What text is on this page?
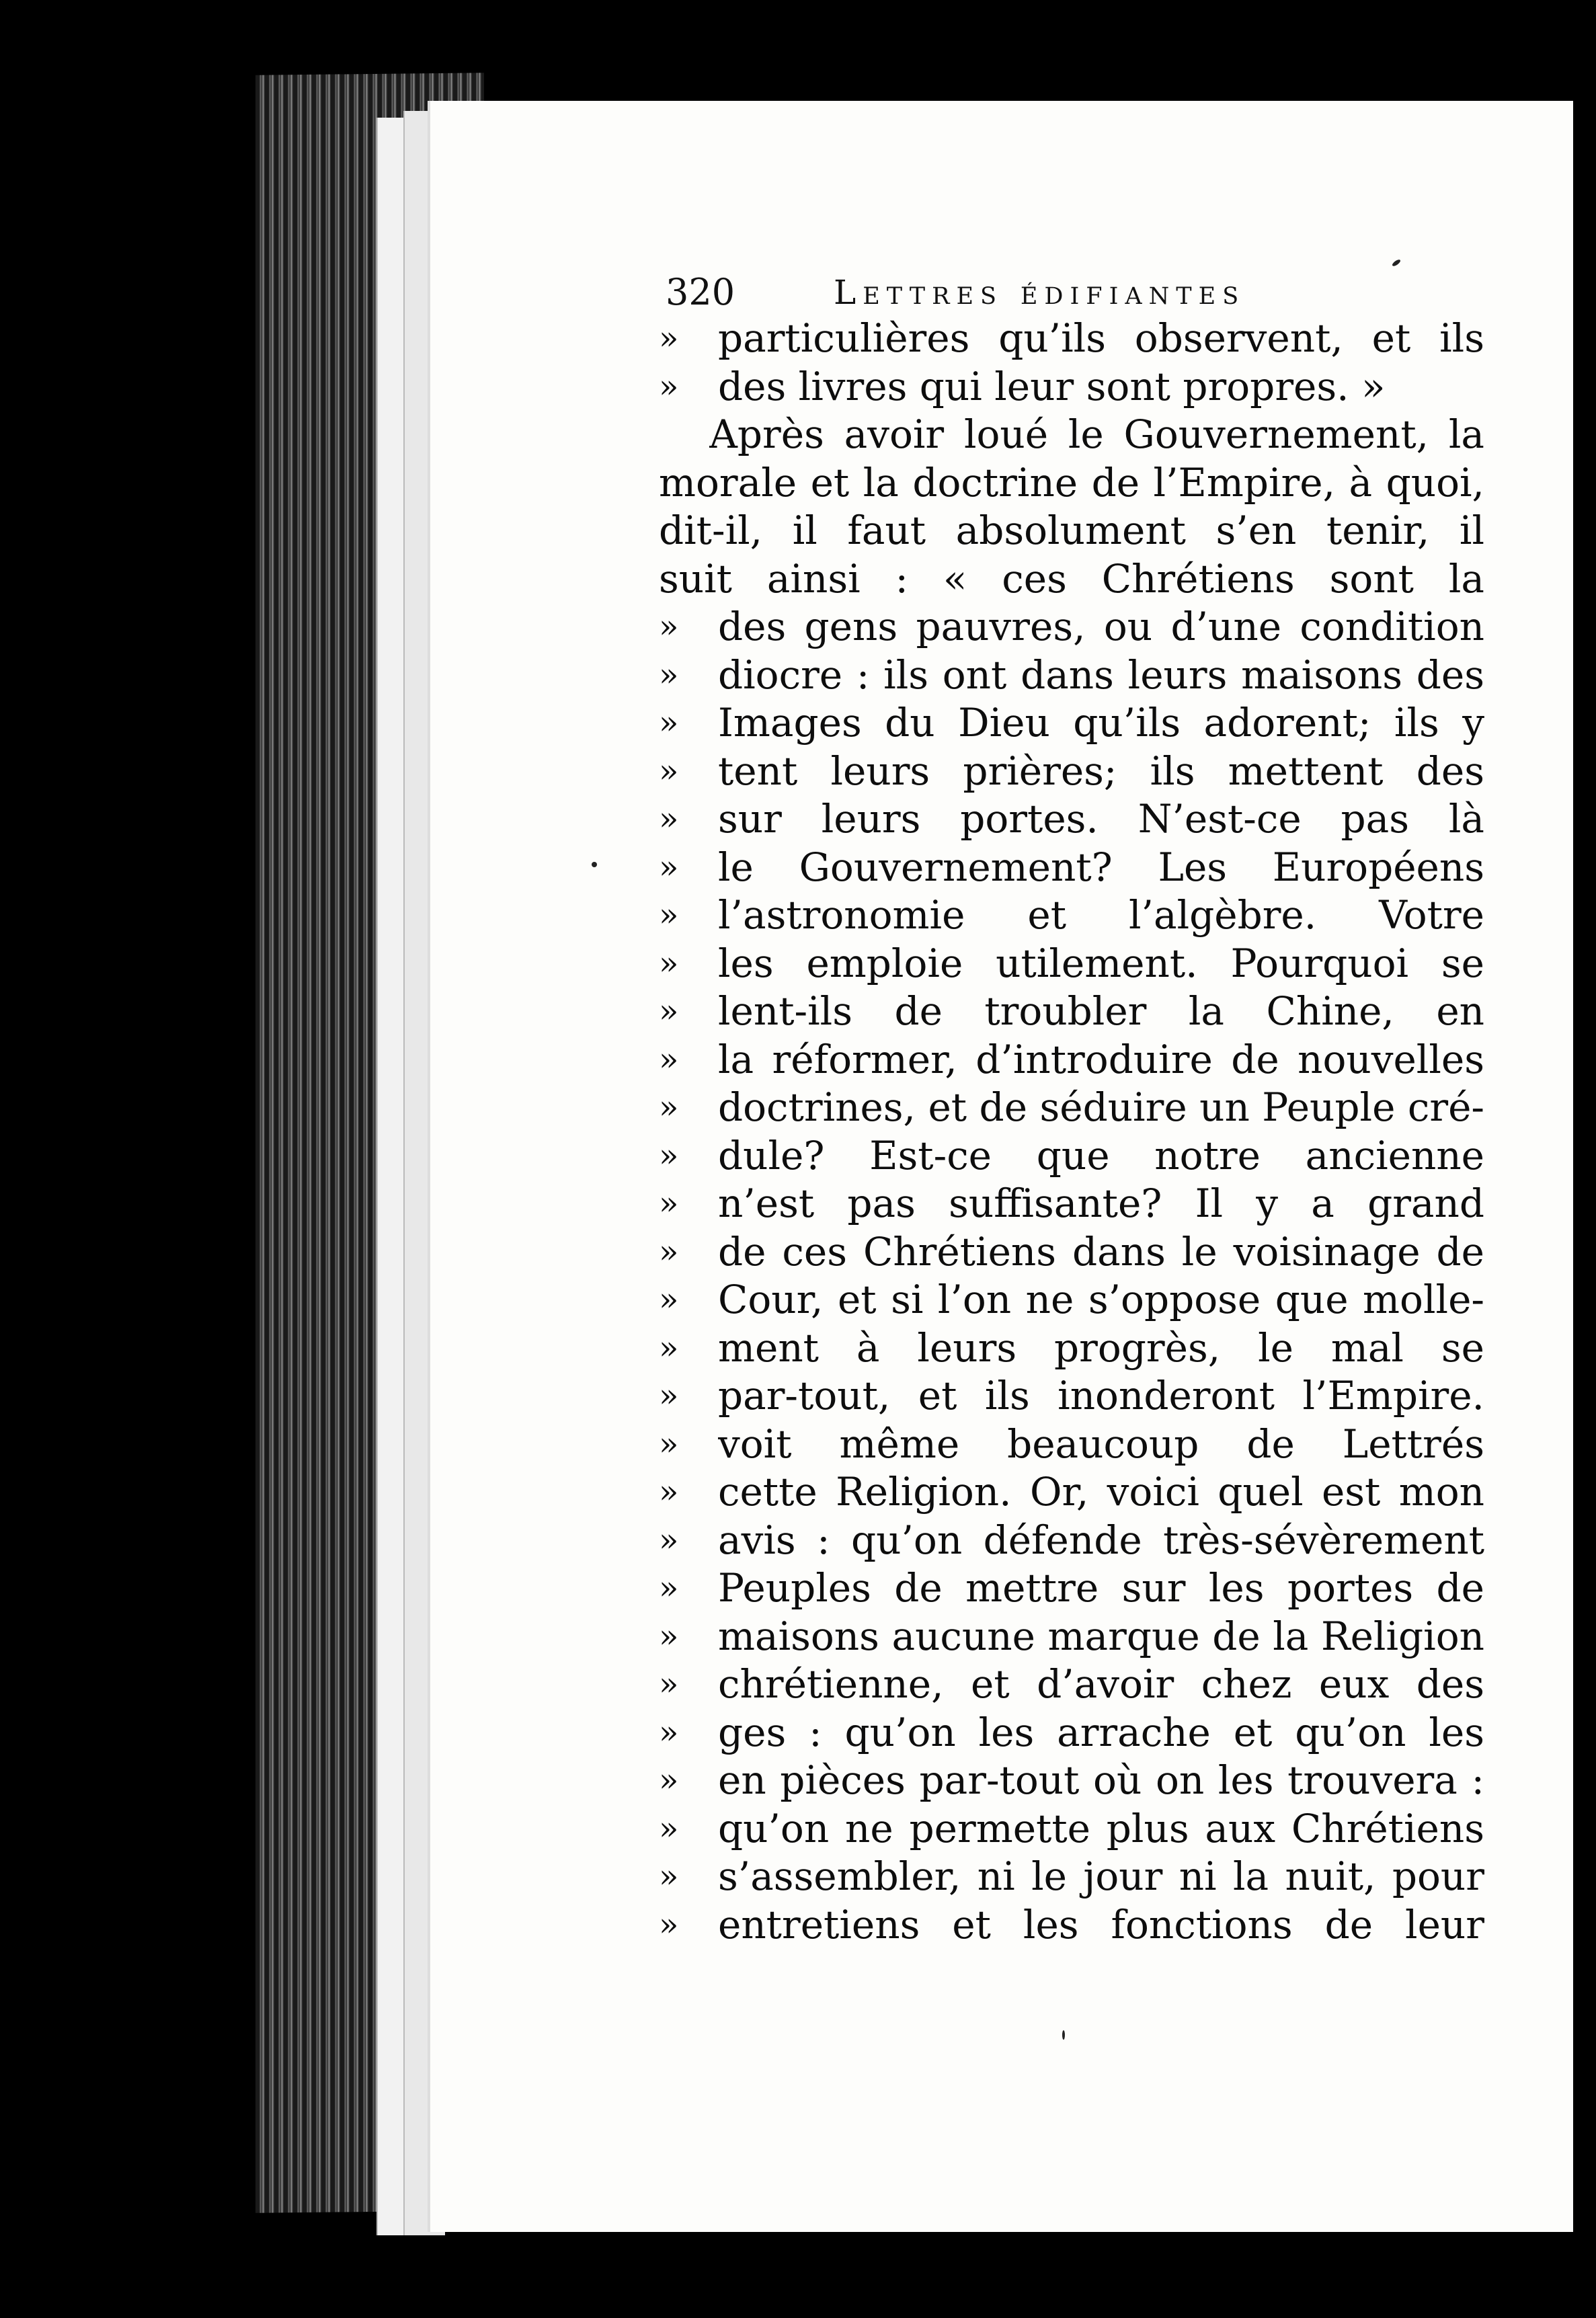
320	Lettres édifiantes
»	particulières qu’ils observent, et ils
»	des livres qui leur sont propres. »
Après avoir loué le Gouvernement, la
morale et la doctrine de l’Empire, à quoi,
dit-il, il faut absolument s’en tenir, il
suit ainsi : « ces Chrétiens sont la
»	des gens pauvres, ou d’une condition
»	diocre : ils ont dans leurs maisons des
»	Images du Dieu qu’ils adorent; ils y
»	tent leurs prières; ils mettent des
»	sur leurs portes. N’est-ce pas là
»	le Gouvernement? Les Européens
»	l’astronomie et l’algèbre. Votre
»	les emploie utilement. Pourquoi se
»	lent-ils de troubler la Chine, en
»	la réformer, d’introduire de nouvelles
»	doctrines, et de séduire un Peuple cré-
»	dule? Est-ce que notre ancienne
»	n’est pas suffisante? Il y a grand
»	de ces Chrétiens dans le voisinage de
»	Cour, et si l’on ne s’oppose que molle-
»	ment à leurs progrès, le mal se
»	par-tout, et ils inonderont l’Empire.
»	voit même beaucoup de Lettrés
»	cette Religion. Or, voici quel est mon
»	avis : qu’on défende très-sévèrement
»	Peuples de mettre sur les portes de
»	maisons aucune marque de la Religion
»	chrétienne, et d’avoir chez eux des
»	ges : qu’on les arrache et qu’on les
»	en pièces par-tout où on les trouvera :
»	qu’on ne permette plus aux Chrétiens
»	s’assembler, ni le jour ni la nuit, pour
»	entretiens et les fonctions de leur
